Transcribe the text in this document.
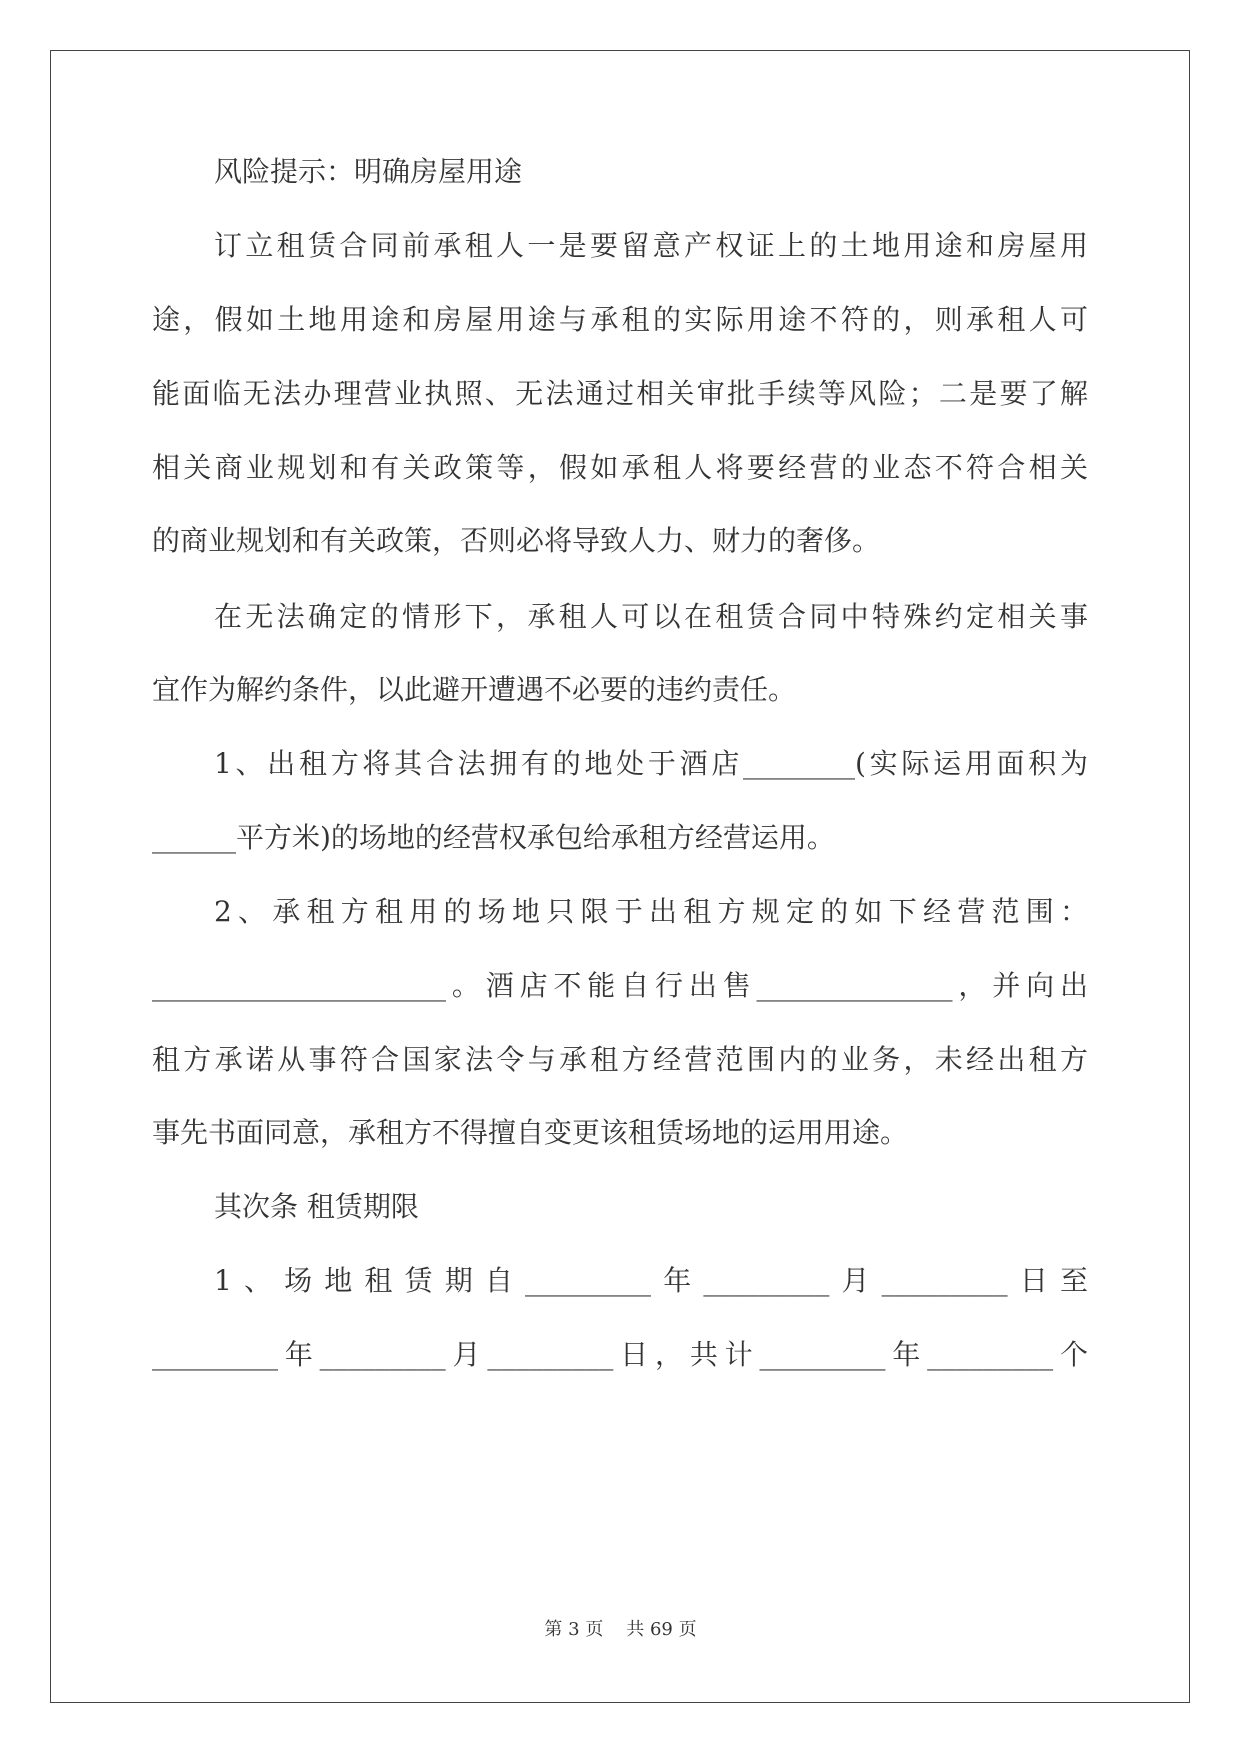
风险提示：明确房屋用途
订立租赁合同前承租人一是要留意产权证上的土地用途和房屋用
途，假如土地用途和房屋用途与承租的实际用途不符的，则承租人可
能面临无法办理营业执照、无法通过相关审批手续等风险；二是要了解
相关商业规划和有关政策等，假如承租人将要经营的业态不符合相关
的商业规划和有关政策，否则必将导致人力、财力的奢侈。
在无法确定的情形下，承租人可以在租赁合同中特殊约定相关事
宜作为解约条件，以此避开遭遇不必要的违约责任。
1、出租方将其合法拥有的地处于酒店________(实际运用面积为
______平方米)的场地的经营权承包给承租方经营运用。
2、承租方租用的场地只限于出租方规定的如下经营范围：
_____________________。酒店不能自行出售______________，并向出
租方承诺从事符合国家法令与承租方经营范围内的业务，未经出租方
事先书面同意，承租方不得擅自变更该租赁场地的运用用途。
其次条 租赁期限
1、场地租赁期自_________年_________月_________日至
_________年_________月_________日，共计_________年_________个
第 3 页 共 69 页
